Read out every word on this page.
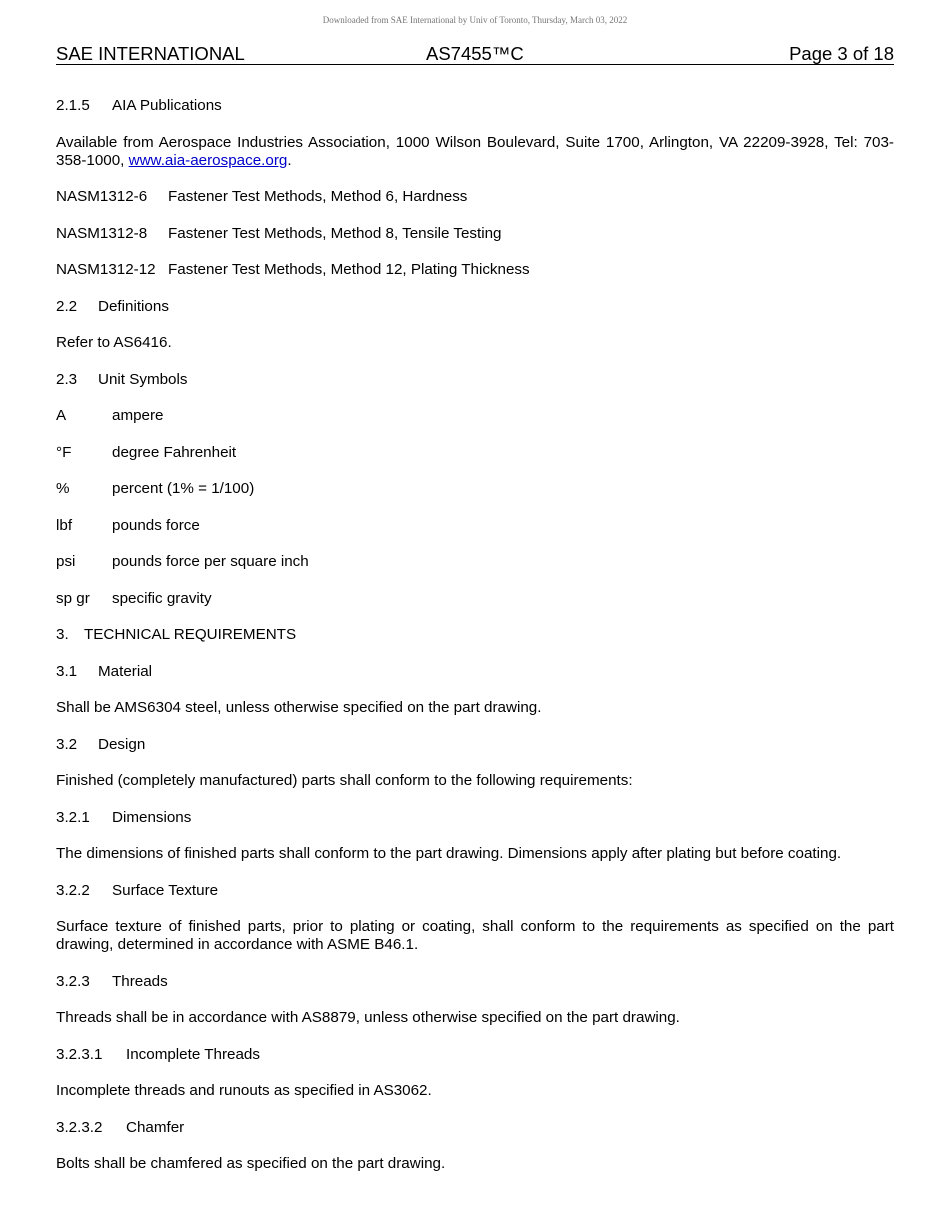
Downloaded from SAE International by Univ of Toronto, Thursday, March 03, 2022
SAE INTERNATIONAL	AS7455™C	Page 3 of 18
2.1.5 AIA Publications
Available from Aerospace Industries Association, 1000 Wilson Boulevard, Suite 1700, Arlington, VA 22209-3928, Tel: 703-358-1000, www.aia-aerospace.org.
NASM1312-6 Fastener Test Methods, Method 6, Hardness
NASM1312-8 Fastener Test Methods, Method 8, Tensile Testing
NASM1312-12 Fastener Test Methods, Method 12, Plating Thickness
2.2 Definitions
Refer to AS6416.
2.3 Unit Symbols
A	ampere
°F	degree Fahrenheit
%	percent (1% = 1/100)
lbf	pounds force
psi pounds force per square inch
sp gr specific gravity
3. TECHNICAL REQUIREMENTS
3.1 Material
Shall be AMS6304 steel, unless otherwise specified on the part drawing.
3.2 Design
Finished (completely manufactured) parts shall conform to the following requirements:
3.2.1 Dimensions
The dimensions of finished parts shall conform to the part drawing. Dimensions apply after plating but before coating.
3.2.2 Surface Texture
Surface texture of finished parts, prior to plating or coating, shall conform to the requirements as specified on the part drawing, determined in accordance with ASME B46.1.
3.2.3 Threads
Threads shall be in accordance with AS8879, unless otherwise specified on the part drawing.
3.2.3.1 Incomplete Threads
Incomplete threads and runouts as specified in AS3062.
3.2.3.2 Chamfer
Bolts shall be chamfered as specified on the part drawing.
